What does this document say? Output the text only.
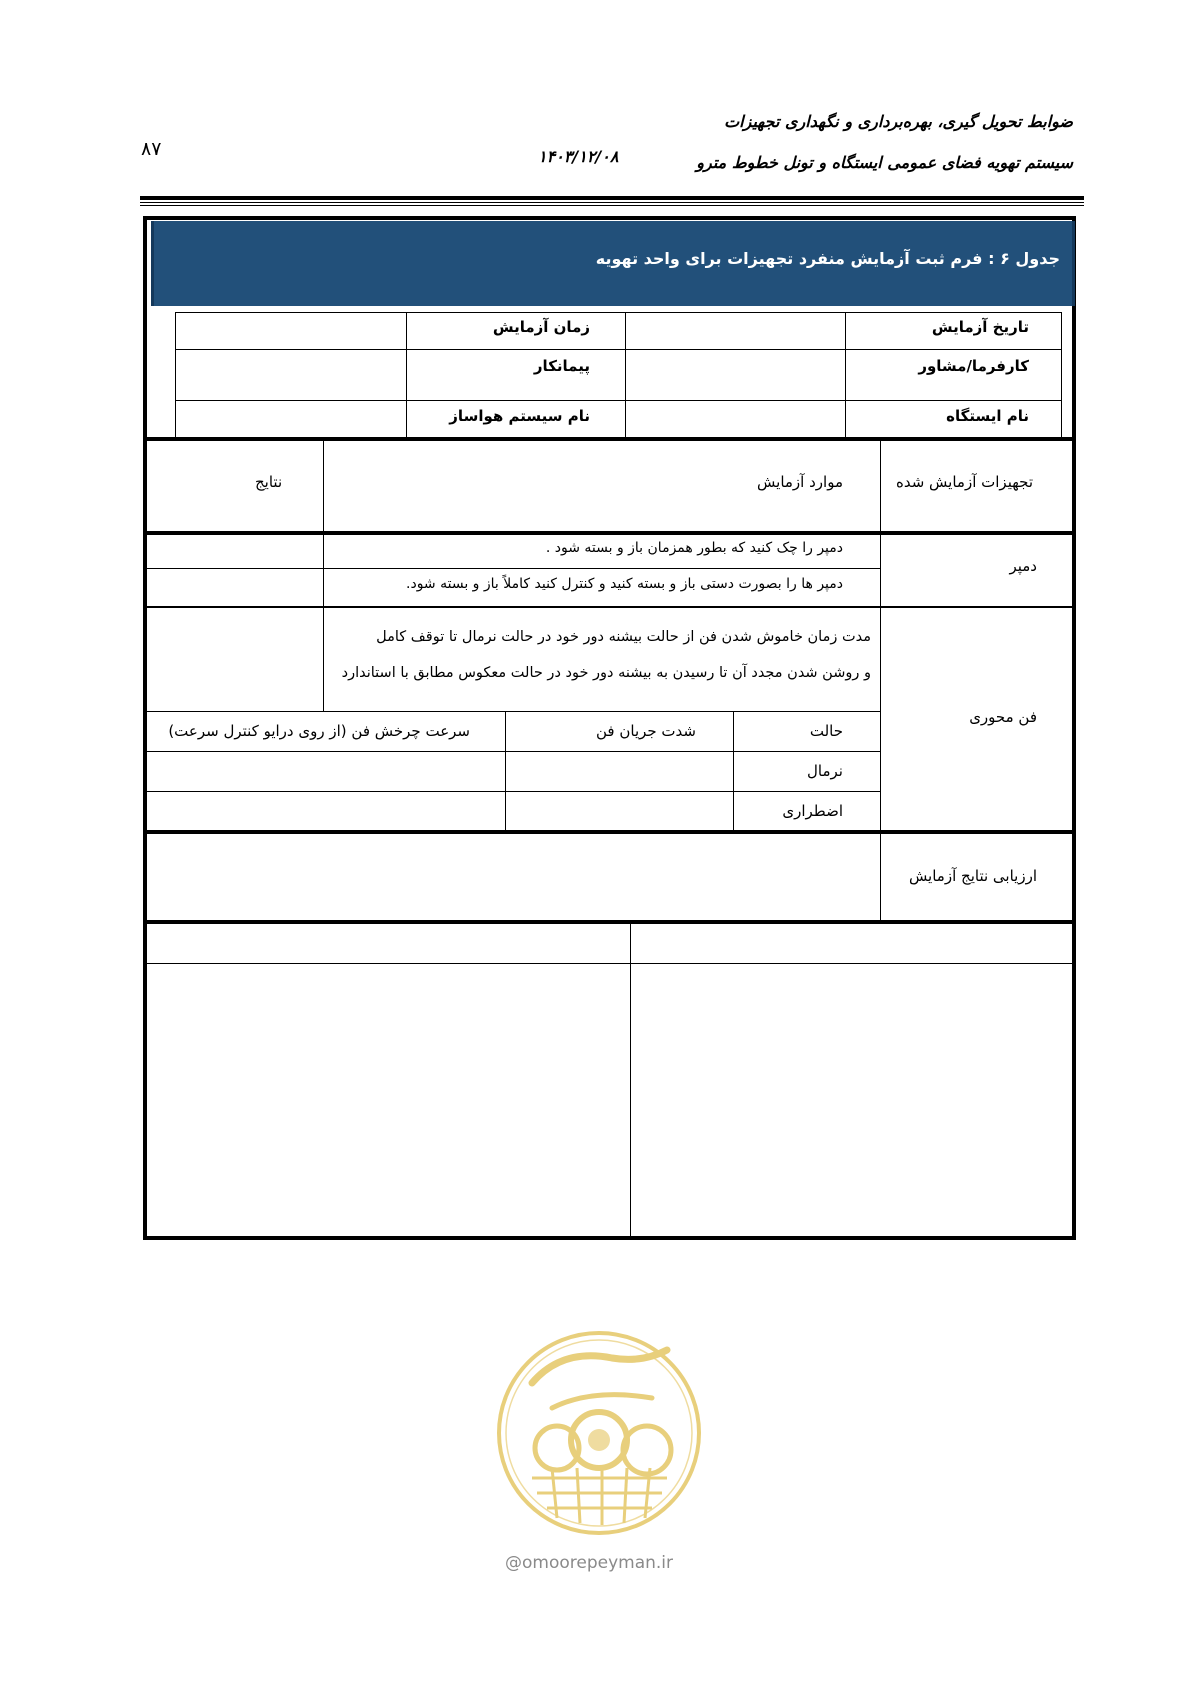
ضوابط تحویل گیری، بهره‌برداری و نگهداری تجهیزات
سیستم تهویه فضای عمومی ایستگاه و تونل خطوط مترو
۱۴۰۳/۱۲/۰۸
۸۷
جدول ۶ : فرم ثبت آزمایش منفرد تجهیزات برای واحد تهویه
تاریخ آزمایش
زمان آزمایش
کارفرما/مشاور
پیمانکار
نام ایستگاه
نام سیستم هواساز
تجهیزات آزمایش شده
موارد آزمایش
نتایج
دمپر
دمپر را چک کنید که بطور همزمان باز و بسته شود .
دمپر ها را بصورت دستی باز و بسته کنید و کنترل کنید کاملاً باز و بسته شود.
فن محوری
مدت زمان خاموش شدن فن از حالت بیشنه دور خود در حالت نرمال تا توقف کامل
و روشن شدن مجدد آن تا رسیدن به بیشنه دور خود در حالت معکوس مطابق با استاندارد
حالت
شدت جریان فن
سرعت چرخش فن (از روی درایو کنترل سرعت)
نرمال
اضطراری
ارزیابی نتایج آزمایش
@omoorepeyman.ir
